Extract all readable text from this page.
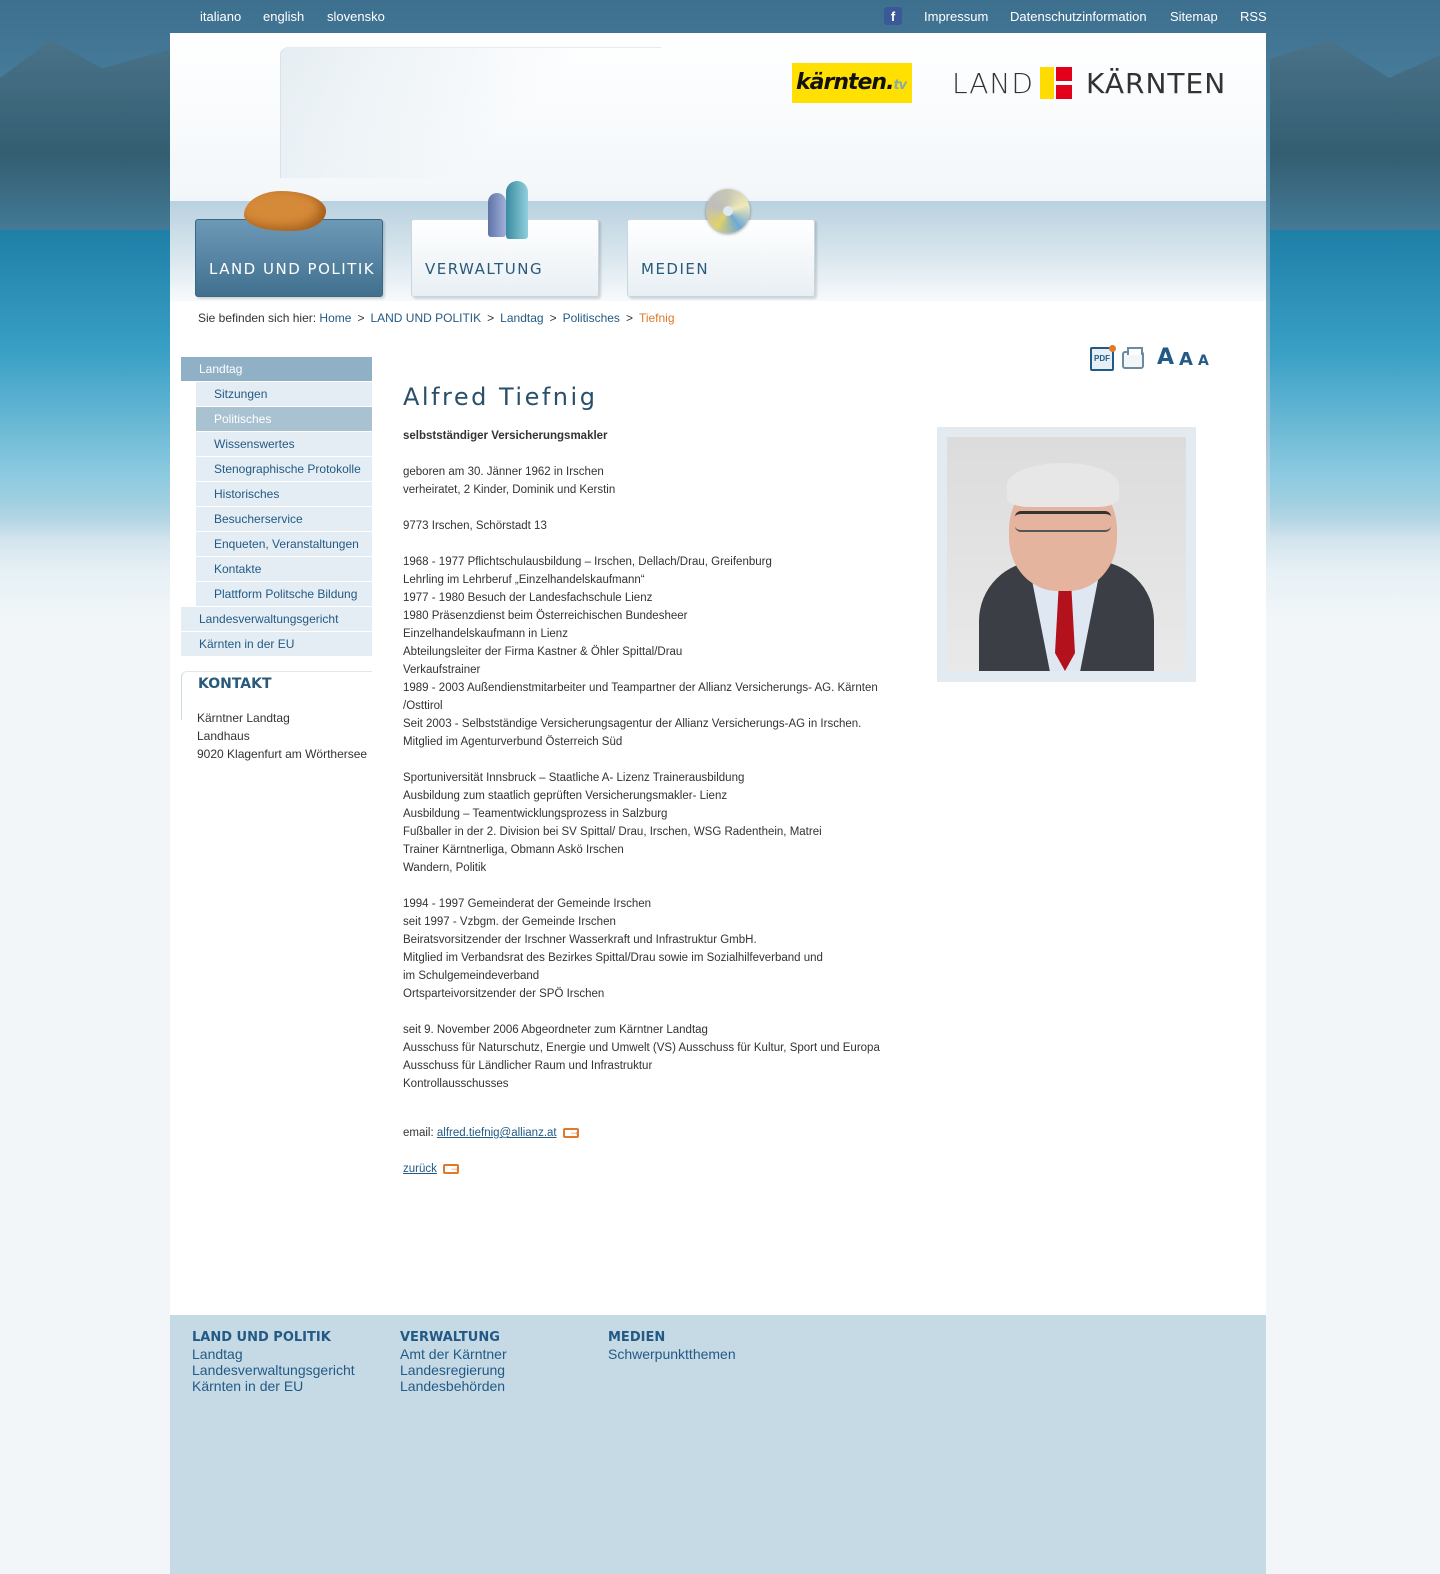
italiano english slovensko	f	Impressum Datenschutzinformation Sitemap RSS
kärnten.tv LAND KÄRNTEN
LAND UND POLITIK	VERWALTUNG	MEDIEN
Sie befinden sich hier: Home > LAND UND POLITIK > Landtag > Politisches > Tiefnig
Landtag
Sitzungen
Politisches
Wissenswertes
Stenographische Protokolle
Historisches
Besucherservice
Enqueten, Veranstaltungen
Kontakte
Plattform Politsche Bildung
Landesverwaltungsgericht
Kärnten in der EU
KONTAKT
Kärntner Landtag
Landhaus
9020 Klagenfurt am Wörthersee
PDF A A A
Alfred Tiefnig
selbstständiger Versicherungsmakler
geboren am 30. Jänner 1962 in Irschen
verheiratet, 2 Kinder, Dominik und Kerstin
9773 Irschen, Schörstadt 13
1968 - 1977 Pflichtschulausbildung – Irschen, Dellach/Drau, Greifenburg
Lehrling im Lehrberuf „Einzelhandelskaufmann“
1977 - 1980 Besuch der Landesfachschule Lienz
1980 Präsenzdienst beim Österreichischen Bundesheer
Einzelhandelskaufmann in Lienz
Abteilungsleiter der Firma Kastner & Öhler Spittal/Drau
Verkaufstrainer
1989 - 2003 Außendienstmitarbeiter und Teampartner der Allianz Versicherungs- AG. Kärnten
/Osttirol
Seit 2003 - Selbstständige Versicherungsagentur der Allianz Versicherungs-AG in Irschen.
Mitglied im Agenturverbund Österreich Süd
Sportuniversität Innsbruck – Staatliche A- Lizenz Trainerausbildung
Ausbildung zum staatlich geprüften Versicherungsmakler- Lienz
Ausbildung – Teamentwicklungsprozess in Salzburg
Fußballer in der 2. Division bei SV Spittal/ Drau, Irschen, WSG Radenthein, Matrei
Trainer Kärntnerliga, Obmann Askö Irschen
Wandern, Politik
1994 - 1997 Gemeinderat der Gemeinde Irschen
seit 1997 - Vzbgm. der Gemeinde Irschen
Beiratsvorsitzender der Irschner Wasserkraft und Infrastruktur GmbH.
Mitglied im Verbandsrat des Bezirkes Spittal/Drau sowie im Sozialhilfeverband und
im Schulgemeindeverband
Ortsparteivorsitzender der SPÖ Irschen
seit 9. November 2006 Abgeordneter zum Kärntner Landtag
Ausschuss für Naturschutz, Energie und Umwelt (VS) Ausschuss für Kultur, Sport und Europa
Ausschuss für Ländlicher Raum und Infrastruktur
Kontrollausschusses
email: alfred.tiefnig@allianz.at→
zurück→
LAND UND POLITIK
Landtag
Landesverwaltungsgericht
Kärnten in der EU
VERWALTUNG
Amt der Kärntner
Landesregierung
Landesbehörden
MEDIEN
Schwerpunktthemen
